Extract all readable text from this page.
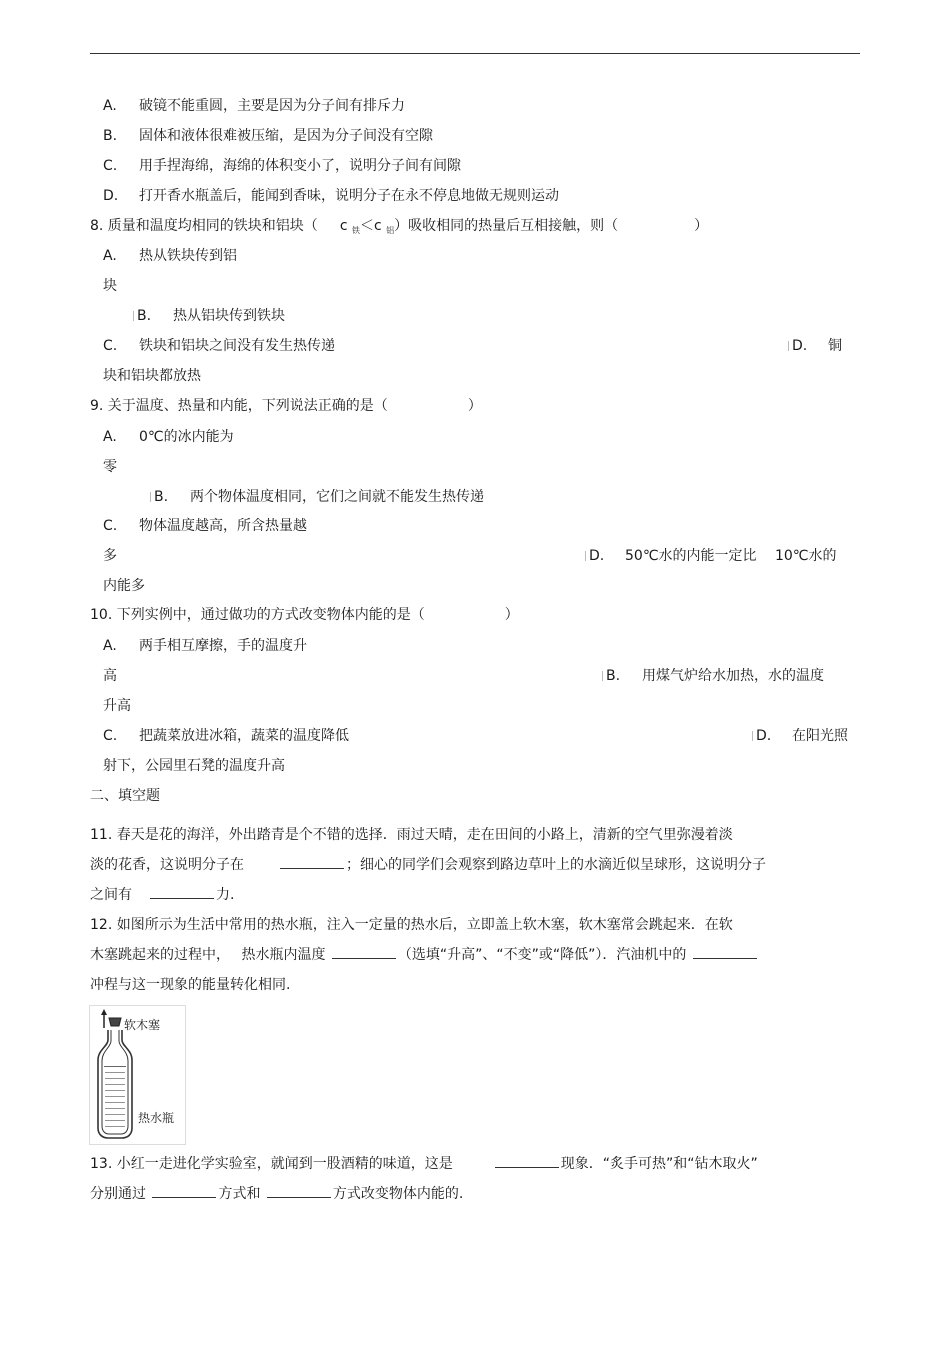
A. 破镜不能重圆，主要是因为分子间有排斥力
B. 固体和液体很难被压缩，是因为分子间没有空隙
C. 用手捏海绵，海绵的体积变小了，说明分子间有间隙
D. 打开香水瓶盖后，能闻到香味，说明分子在永不停息地做无规则运动
8. 质量和温度均相同的铁块和铝块（ c $_铁$＜c $_铝$）吸收相同的热量后互相接触，则（	）
A. 热从铁块传到铝
块
B. 热从铝块传到铁块
C. 铁块和铝块之间没有发生热传递	D. 铜
块和铝块都放热
9. 关于温度、热量和内能，下列说法正确的是（	）
A. 0℃的冰内能为
零
B. 两个物体温度相同，它们之间就不能发生热传递
C. 物体温度越高，所含热量越
多	D. 50℃水的内能一定比　 10℃水的
内能多
10. 下列实例中，通过做功的方式改变物体内能的是（	）
A. 两手相互摩擦，手的温度升
高	B. 用煤气炉给水加热，水的温度
升高
C. 把蔬菜放进冰箱，蔬菜的温度降低	D. 在阳光照
射下，公园里石凳的温度升高
二、填空题
11. 春天是花的海洋，外出踏青是个不错的选择．雨过天晴，走在田间的小路上，清新的空气里弥漫着淡
淡的花香，这说明分子在	；细心的同学们会观察到路边草叶上的水滴近似呈球形，这说明分子
之间有	力.
12. 如图所示为生活中常用的热水瓶，注入一定量的热水后，立即盖上软木塞，软木塞常会跳起来．在软
木塞跳起来的过程中，　 热水瓶内温度	（选填“升高”、“不变”或“降低”）．汽油机中的
冲程与这一现象的能量转化相同.
软木塞
热水瓶
13. 小红一走进化学实验室，就闻到一股酒精的味道，这是	现象．“炙手可热”和“钻木取火”
分别通过	方式和	方式改变物体内能的.
